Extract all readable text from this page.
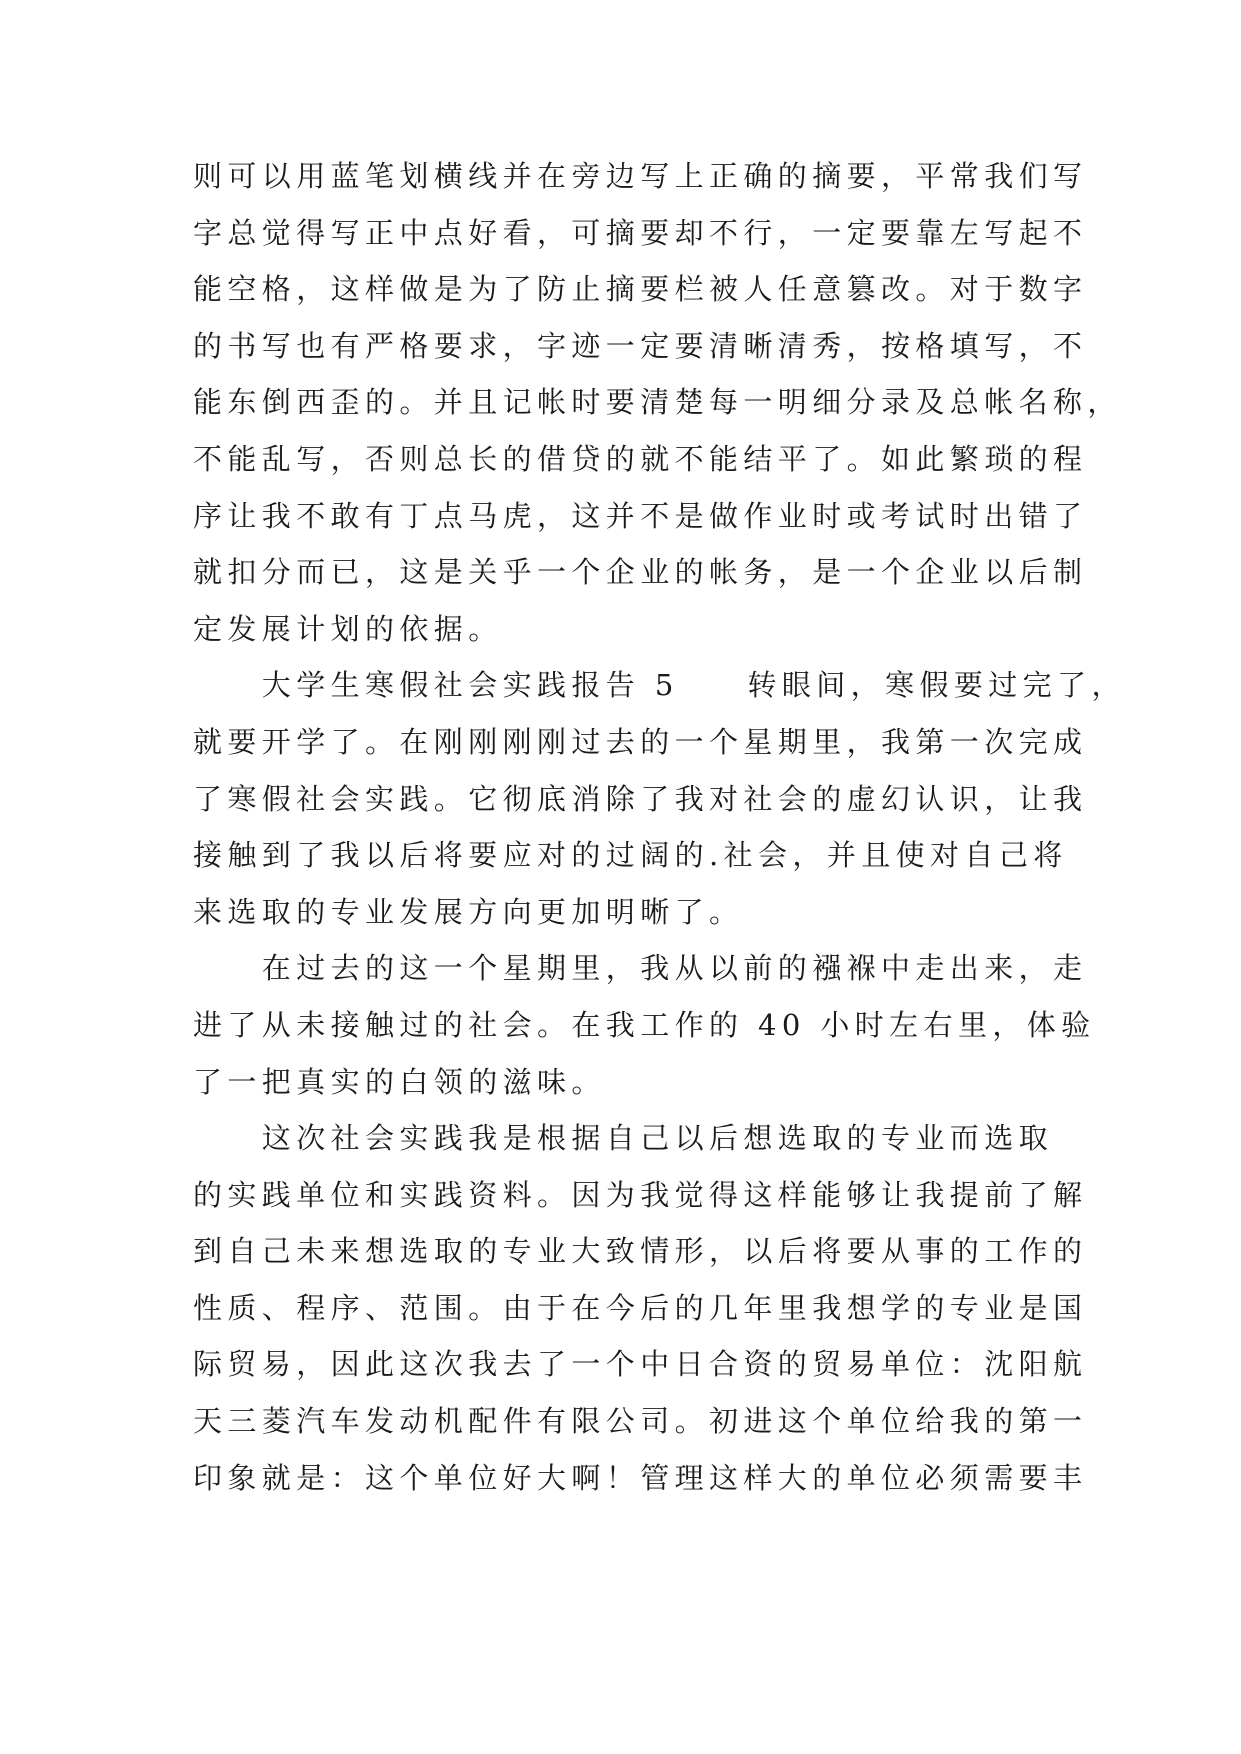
则可以用蓝笔划横线并在旁边写上正确的摘要，平常我们写
字总觉得写正中点好看，可摘要却不行，一定要靠左写起不
能空格，这样做是为了防止摘要栏被人任意篡改。对于数字
的书写也有严格要求，字迹一定要清晰清秀，按格填写，不
能东倒西歪的。并且记帐时要清楚每一明细分录及总帐名称，
不能乱写，否则总长的借贷的就不能结平了。如此繁琐的程
序让我不敢有丁点马虎，这并不是做作业时或考试时出错了
就扣分而已，这是关乎一个企业的帐务，是一个企业以后制
定发展计划的依据。
　　大学生寒假社会实践报告 5　　转眼间，寒假要过完了，
就要开学了。在刚刚刚刚过去的一个星期里，我第一次完成
了寒假社会实践。它彻底消除了我对社会的虚幻认识，让我
接触到了我以后将要应对的过阔的.社会，并且使对自己将
来选取的专业发展方向更加明晰了。
　　在过去的这一个星期里，我从以前的襁褓中走出来，走
进了从未接触过的社会。在我工作的 40 小时左右里，体验
了一把真实的白领的滋味。
　　这次社会实践我是根据自己以后想选取的专业而选取
的实践单位和实践资料。因为我觉得这样能够让我提前了解
到自己未来想选取的专业大致情形，以后将要从事的工作的
性质、程序、范围。由于在今后的几年里我想学的专业是国
际贸易，因此这次我去了一个中日合资的贸易单位：沈阳航
天三菱汽车发动机配件有限公司。初进这个单位给我的第一
印象就是：这个单位好大啊！管理这样大的单位必须需要丰
